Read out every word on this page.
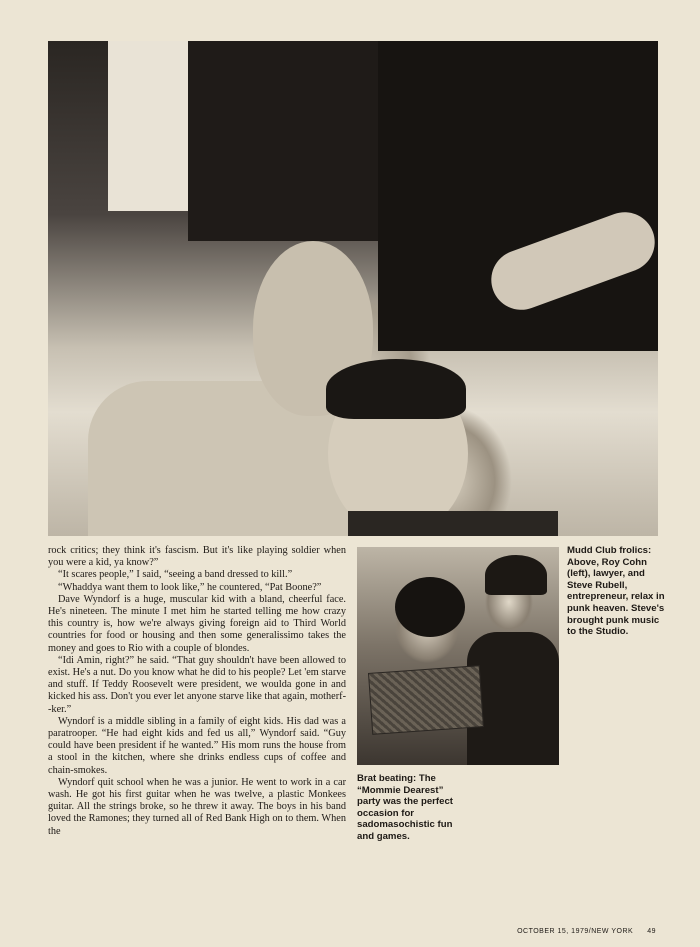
Mudd Club frolics: Above, Roy Cohn (left), lawyer, and Steve Rubell, entrepreneur, relax in punk heaven. Steve's brought punk music to the Studio.

Brat beating: The “Mommie Dearest” party was the perfect occasion for sadomasochistic fun and games.

rock critics; they think it's fascism. But it's like playing soldier when you were a kid, ya know?”

“It scares people,” I said, “seeing a band dressed to kill.”

“Whaddya want them to look like,” he countered, “Pat Boone?”

Dave Wyndorf is a huge, muscular kid with a bland, cheerful face. He's nineteen. The minute I met him he started telling me how crazy this country is, how we're always giving foreign aid to Third World countries for food or housing and then some generalissimo takes the money and goes to Rio with a couple of blondes.

“Idi Amin, right?” he said. “That guy shouldn't have been allowed to exist. He's a nut. Do you know what he did to his people? Let 'em starve and stuff. If Teddy Roosevelt were president, we woulda gone in and kicked his ass. Don't you ever let anyone starve like that again, motherf--ker.”

Wyndorf is a middle sibling in a family of eight kids. His dad was a paratrooper. “He had eight kids and fed us all,” Wyndorf said. “Guy could have been president if he wanted.” His mom runs the house from a stool in the kitchen, where she drinks endless cups of coffee and chain-smokes.

Wyndorf quit school when he was a junior. He went to work in a car wash. He got his first guitar when he was twelve, a plastic Monkees guitar. All the strings broke, so he threw it away. The boys in his band loved the Ramones; they turned all of Red Bank High on to them. When the

OCTOBER 15, 1979/NEW YORK 49
